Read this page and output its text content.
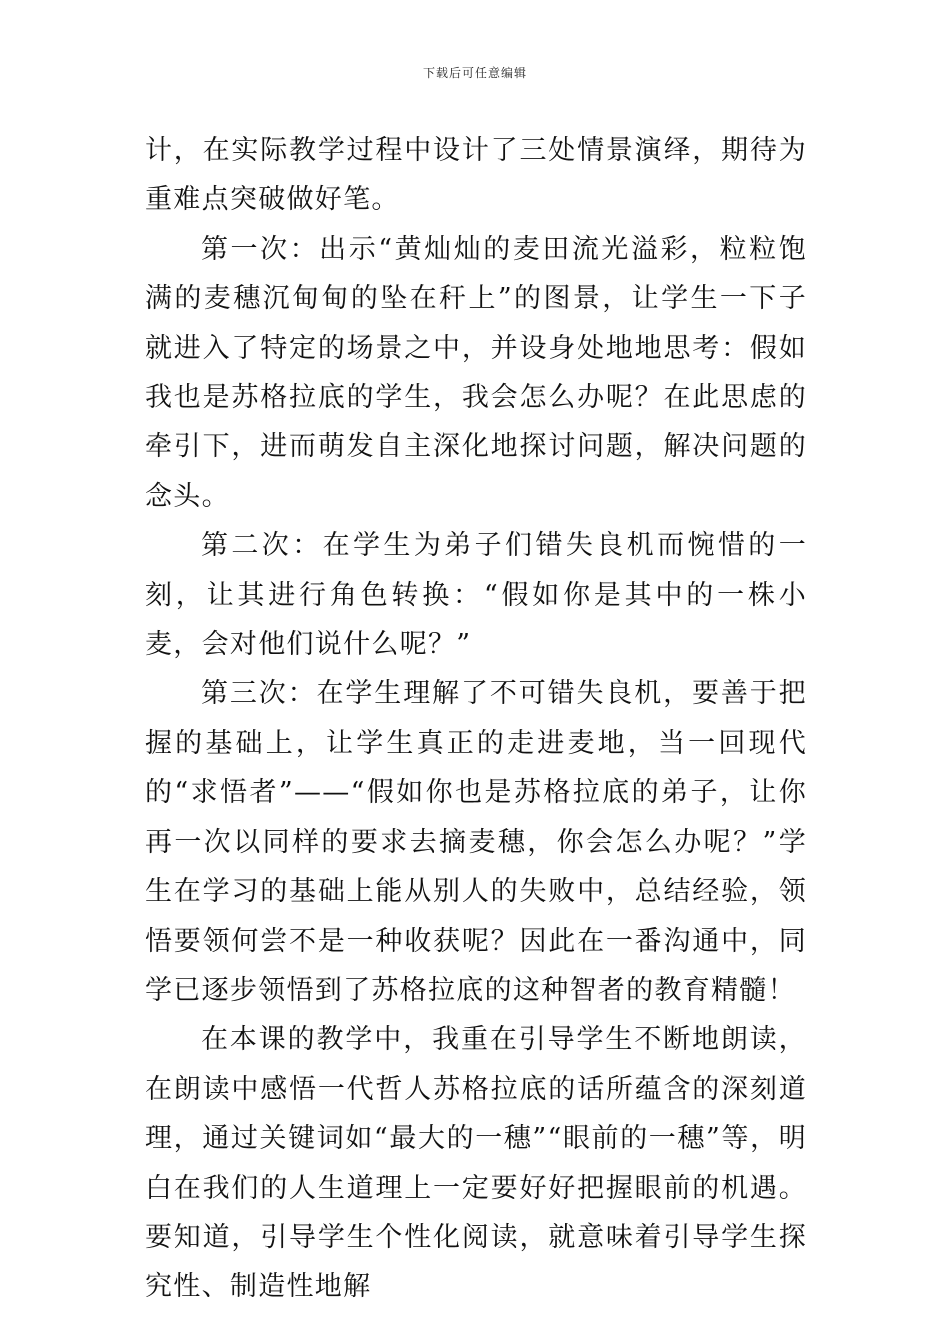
下载后可任意编辑

计，在实际教学过程中设计了三处情景演绎，期待为重难点突破做好笔。

第一次：出示“黄灿灿的麦田流光溢彩，粒粒饱满的麦穗沉甸甸的坠在秆上”的图景，让学生一下子就进入了特定的场景之中，并设身处地地思考：假如我也是苏格拉底的学生，我会怎么办呢？在此思虑的牵引下，进而萌发自主深化地探讨问题，解决问题的念头。

第二次：在学生为弟子们错失良机而惋惜的一刻，让其进行角色转换：“假如你是其中的一株小麦，会对他们说什么呢？”

第三次：在学生理解了不可错失良机，要善于把握的基础上，让学生真正的走进麦地，当一回现代的“求悟者”——“假如你也是苏格拉底的弟子，让你再一次以同样的要求去摘麦穗，你会怎么办呢？”学生在学习的基础上能从别人的失败中，总结经验，领悟要领何尝不是一种收获呢？因此在一番沟通中，同学已逐步领悟到了苏格拉底的这种智者的教育精髓！

在本课的教学中，我重在引导学生不断地朗读，在朗读中感悟一代哲人苏格拉底的话所蕴含的深刻道理，通过关键词如“最大的一穗”“眼前的一穗”等，明白在我们的人生道理上一定要好好把握眼前的机遇。要知道，引导学生个性化阅读，就意味着引导学生探究性、制造性地解
